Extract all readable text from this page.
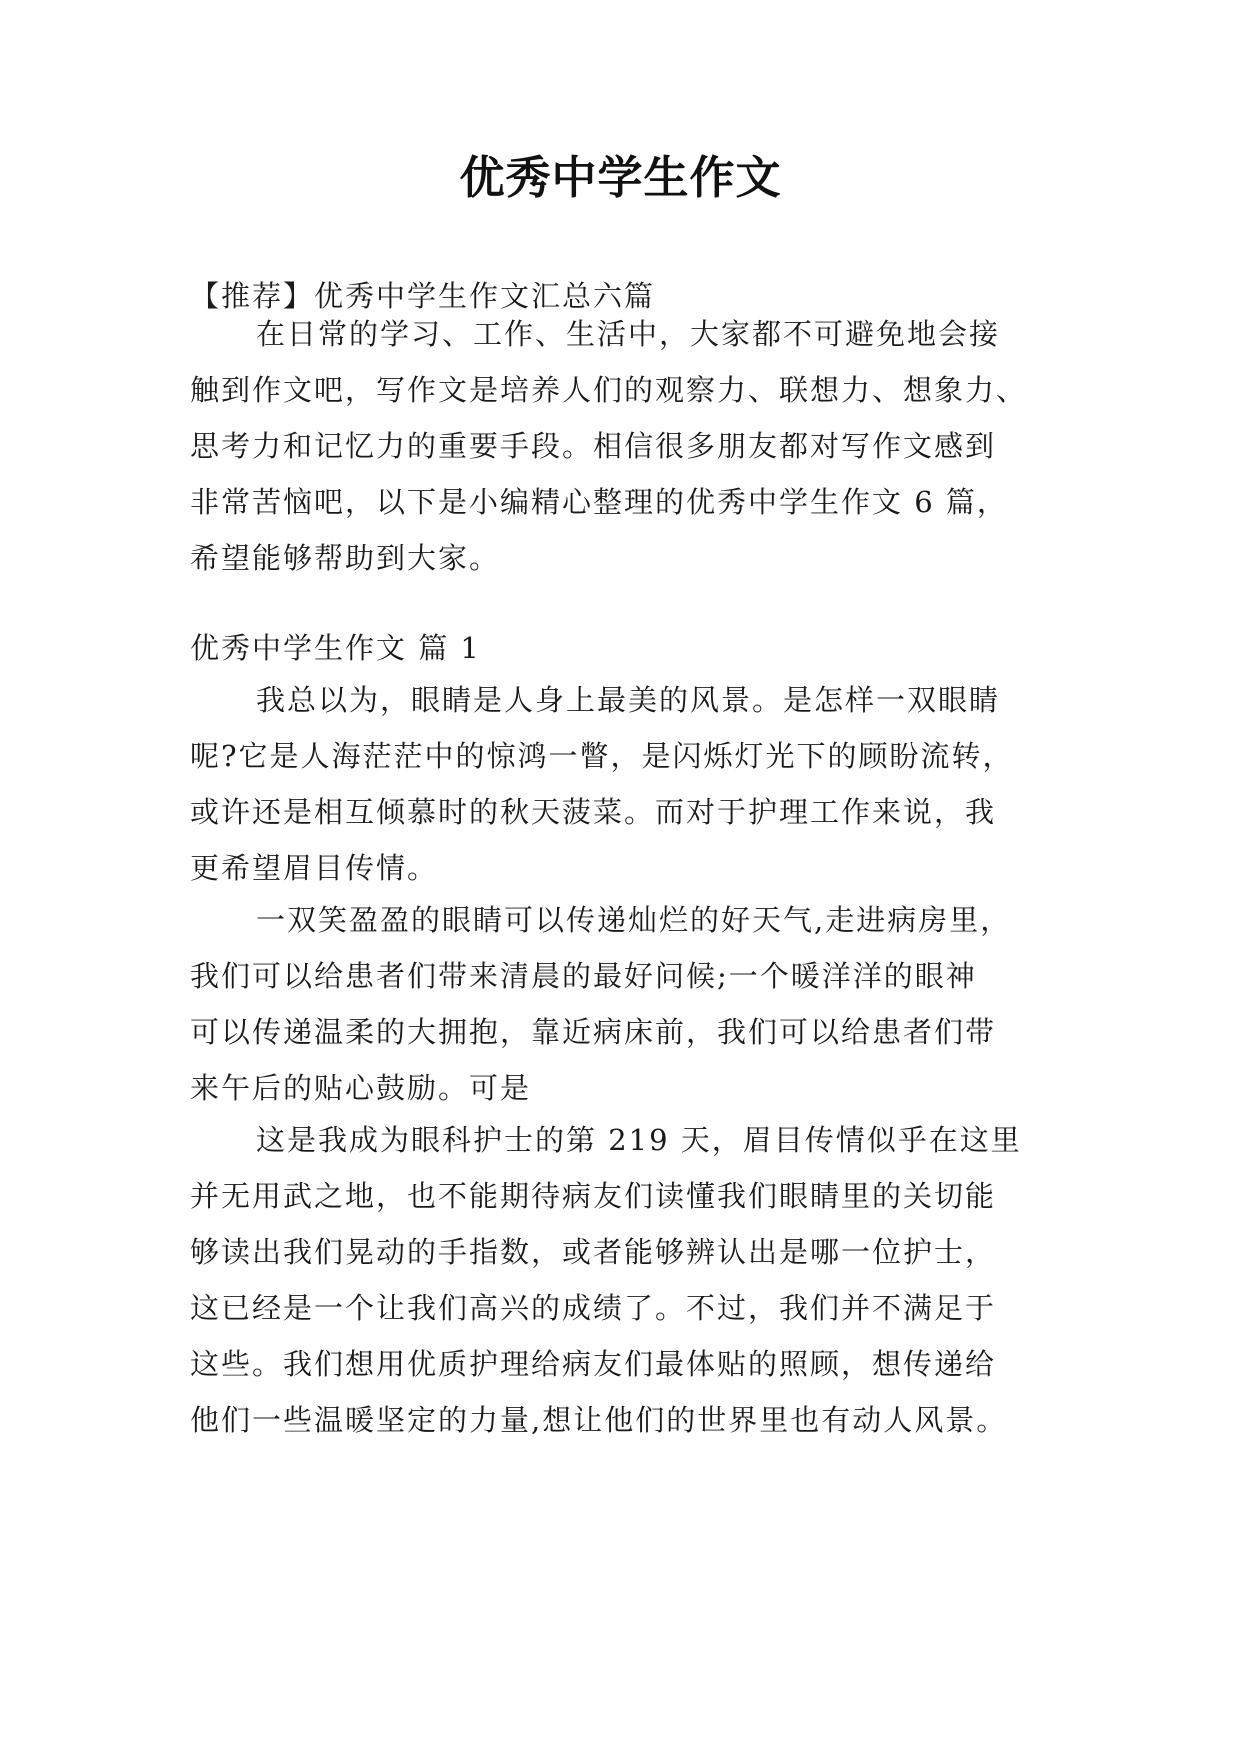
优秀中学生作文
【推荐】优秀中学生作文汇总六篇
在日常的学习、工作、生活中，大家都不可避免地会接
触到作文吧，写作文是培养人们的观察力、联想力、想象力、
思考力和记忆力的重要手段。相信很多朋友都对写作文感到
非常苦恼吧，以下是小编精心整理的优秀中学生作文 6 篇，
希望能够帮助到大家。
优秀中学生作文 篇 1
我总以为，眼睛是人身上最美的风景。是怎样一双眼睛
呢?它是人海茫茫中的惊鸿一瞥，是闪烁灯光下的顾盼流转，
或许还是相互倾慕时的秋天菠菜。而对于护理工作来说，我
更希望眉目传情。
一双笑盈盈的眼睛可以传递灿烂的好天气,走进病房里，
我们可以给患者们带来清晨的最好问候;一个暖洋洋的眼神
可以传递温柔的大拥抱，靠近病床前，我们可以给患者们带
来午后的贴心鼓励。可是
这是我成为眼科护士的第 219 天，眉目传情似乎在这里
并无用武之地，也不能期待病友们读懂我们眼睛里的关切能
够读出我们晃动的手指数，或者能够辨认出是哪一位护士，
这已经是一个让我们高兴的成绩了。不过，我们并不满足于
这些。我们想用优质护理给病友们最体贴的照顾，想传递给
他们一些温暖坚定的力量,想让他们的世界里也有动人风景。
